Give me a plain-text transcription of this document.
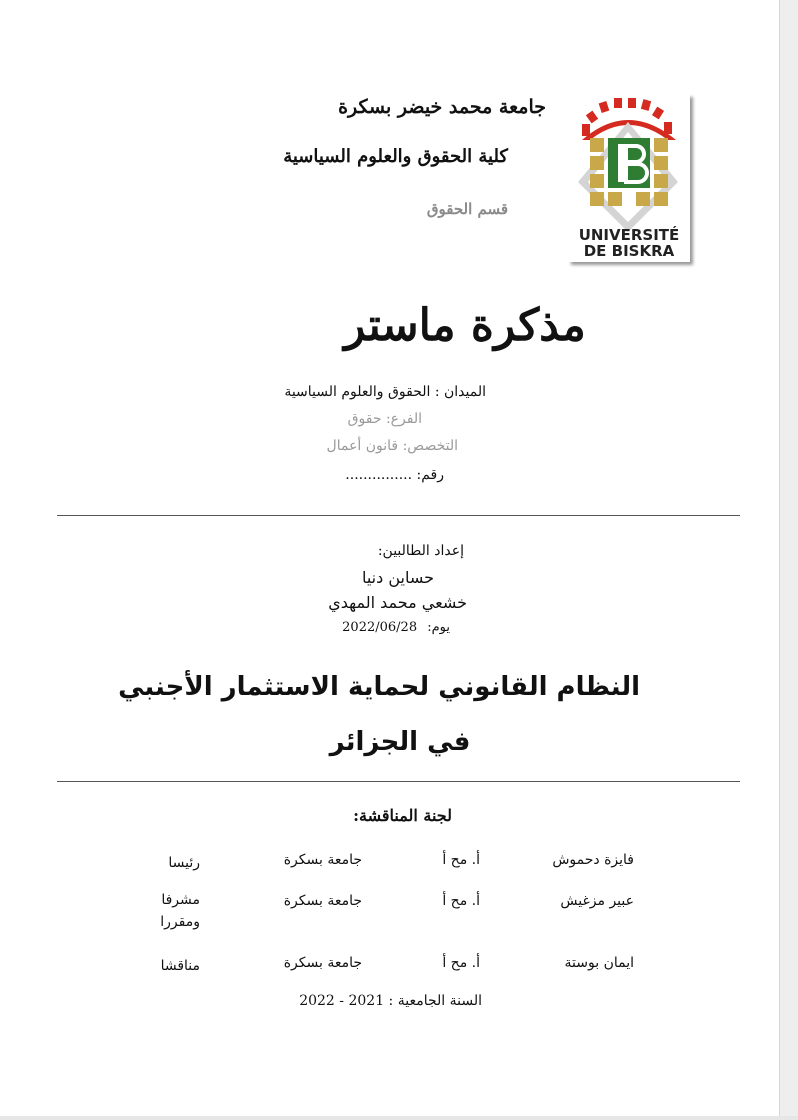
جامعة محمد خيضر بسكرة
كلية الحقوق والعلوم السياسية
قسم الحقوق
UNIVERSITÉ
DE BISKRA
مذكرة ماستر
الميدان : الحقوق والعلوم السياسية
الفرع: حقوق
التخصص: قانون أعمال
رقم: ...............
إعداد الطالبين:
حساين دنيا
خشعي محمد المهدي
يوم: 2022/06/28
النظام القانوني لحماية الاستثمار الأجنبي
في الجزائر
لجنة المناقشة:
فايزة دحموش
أ. مح أ
جامعة بسكرة
رئيسا
عبير مزغيش
أ. مح أ
جامعة بسكرة
مشرفا ومقررا
ايمان بوستة
أ. مح أ
جامعة بسكرة
مناقشا
السنة الجامعية : 2021 - 2022
